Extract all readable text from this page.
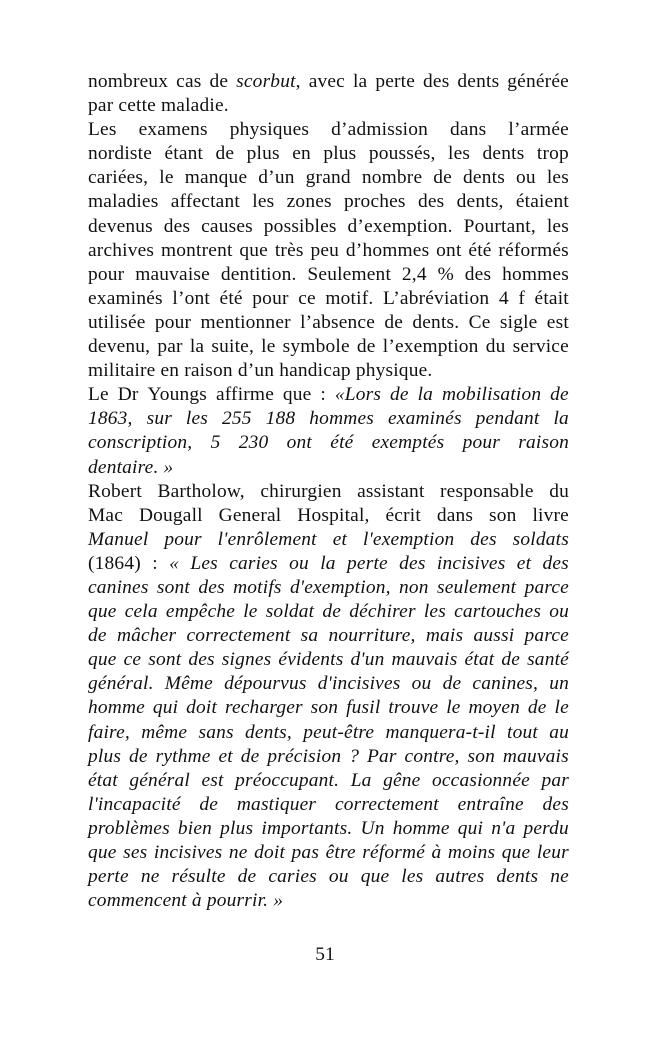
nombreux cas de scorbut, avec la perte des dents générée
par cette maladie.
Les examens physiques d’admission dans l’armée
nordiste étant de plus en plus poussés, les dents trop
cariées, le manque d’un grand nombre de dents ou les
maladies affectant les zones proches des dents, étaient
devenus des causes possibles d’exemption. Pourtant, les
archives montrent que très peu d’hommes ont été réformés
pour mauvaise dentition. Seulement 2,4 % des hommes
examinés l’ont été pour ce motif. L’abréviation 4 f était
utilisée pour mentionner l’absence de dents. Ce sigle est
devenu, par la suite, le symbole de l’exemption du service
militaire en raison d’un handicap physique.
Le Dr Youngs affirme que : «Lors de la mobilisation de
1863, sur les 255 188 hommes examinés pendant la
conscription, 5 230 ont été exemptés pour raison
dentaire. »
Robert Bartholow, chirurgien assistant responsable du
Mac Dougall General Hospital, écrit dans son livre
Manuel pour l'enrôlement et l'exemption des soldats
(1864) : « Les caries ou la perte des incisives et des
canines sont des motifs d'exemption, non seulement parce
que cela empêche le soldat de déchirer les cartouches ou
de mâcher correctement sa nourriture, mais aussi parce
que ce sont des signes évidents d'un mauvais état de santé
général. Même dépourvus d'incisives ou de canines, un
homme qui doit recharger son fusil trouve le moyen de le
faire, même sans dents, peut-être manquera-t-il tout au
plus de rythme et de précision ? Par contre, son mauvais
état général est préoccupant. La gêne occasionnée par
l'incapacité de mastiquer correctement entraîne des
problèmes bien plus importants. Un homme qui n'a perdu
que ses incisives ne doit pas être réformé à moins que leur
perte ne résulte de caries ou que les autres dents ne
commencent à pourrir. »
51
